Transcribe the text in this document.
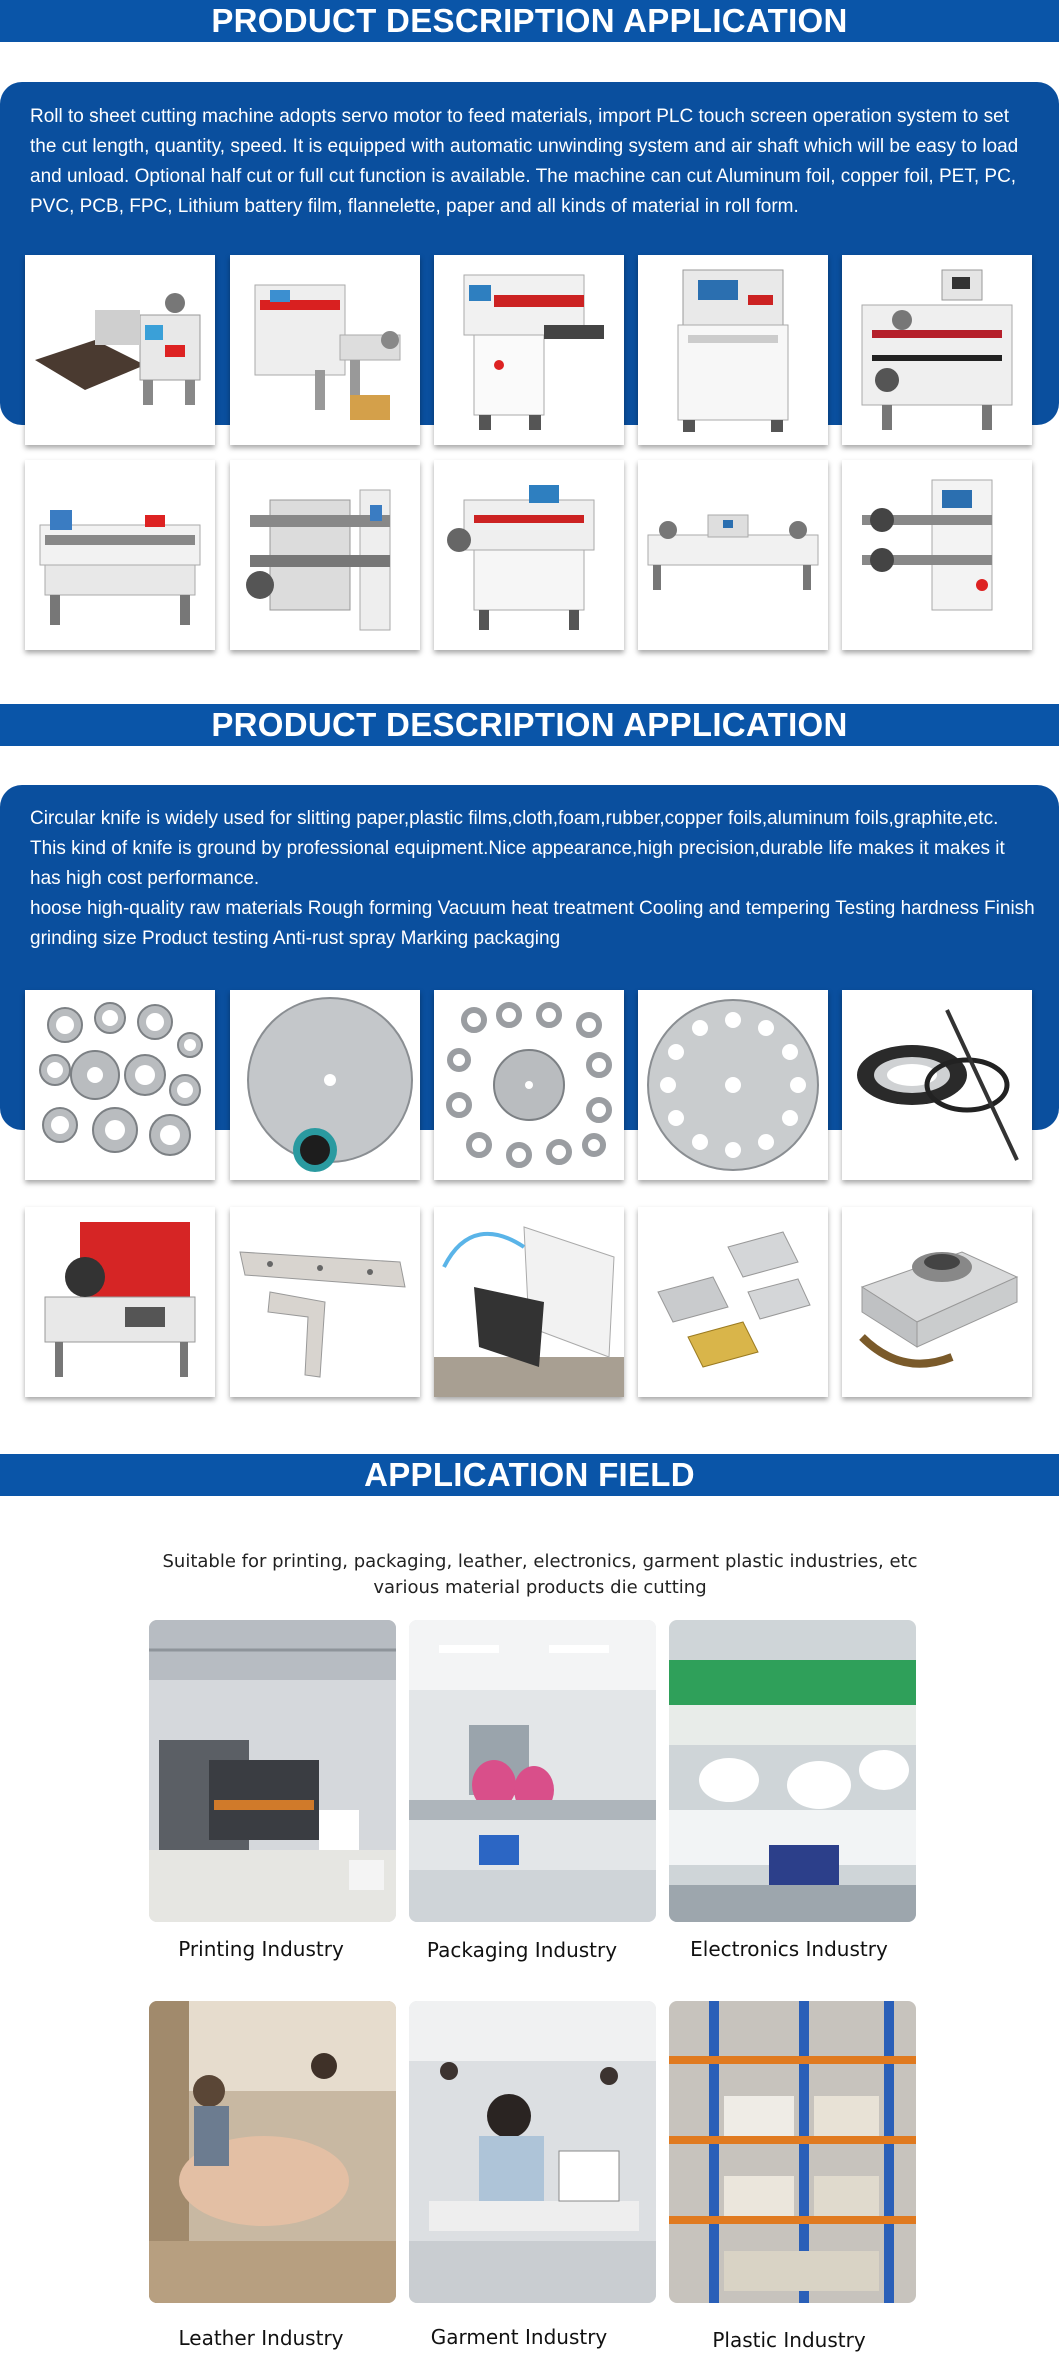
PRODUCT DESCRIPTION APPLICATION
Roll to sheet cutting machine adopts servo motor to feed materials, import PLC touch screen operation system to set the cut length, quantity, speed. It is equipped with automatic unwinding system and air shaft which will be easy to load and unload. Optional half cut or full cut function is available. The machine can cut Aluminum foil, copper foil, PET, PC, PVC, PCB, FPC, Lithium battery film, flannelette, paper and all kinds of material in roll form.
PRODUCT DESCRIPTION APPLICATION

Circular knife is widely used for slitting paper,plastic films,cloth,foam,rubber,copper foils,aluminum foils,graphite,etc. This kind of knife is ground by professional equipment.Nice appearance,high precision,durable life makes it makes it has high cost performance.

hoose high-quality raw materials Rough forming Vacuum heat treatment Cooling and tempering Testing hardness Finish grinding size Product testing Anti-rust spray Marking packaging

APPLICATION FIELD
Suitable for printing, packaging, leather, electronics, garment plastic industries, etc
various material products die cutting
Printing Industry	Packaging Industry	Electronics Industry
Leather Industry	Garment Industry	Plastic Industry
